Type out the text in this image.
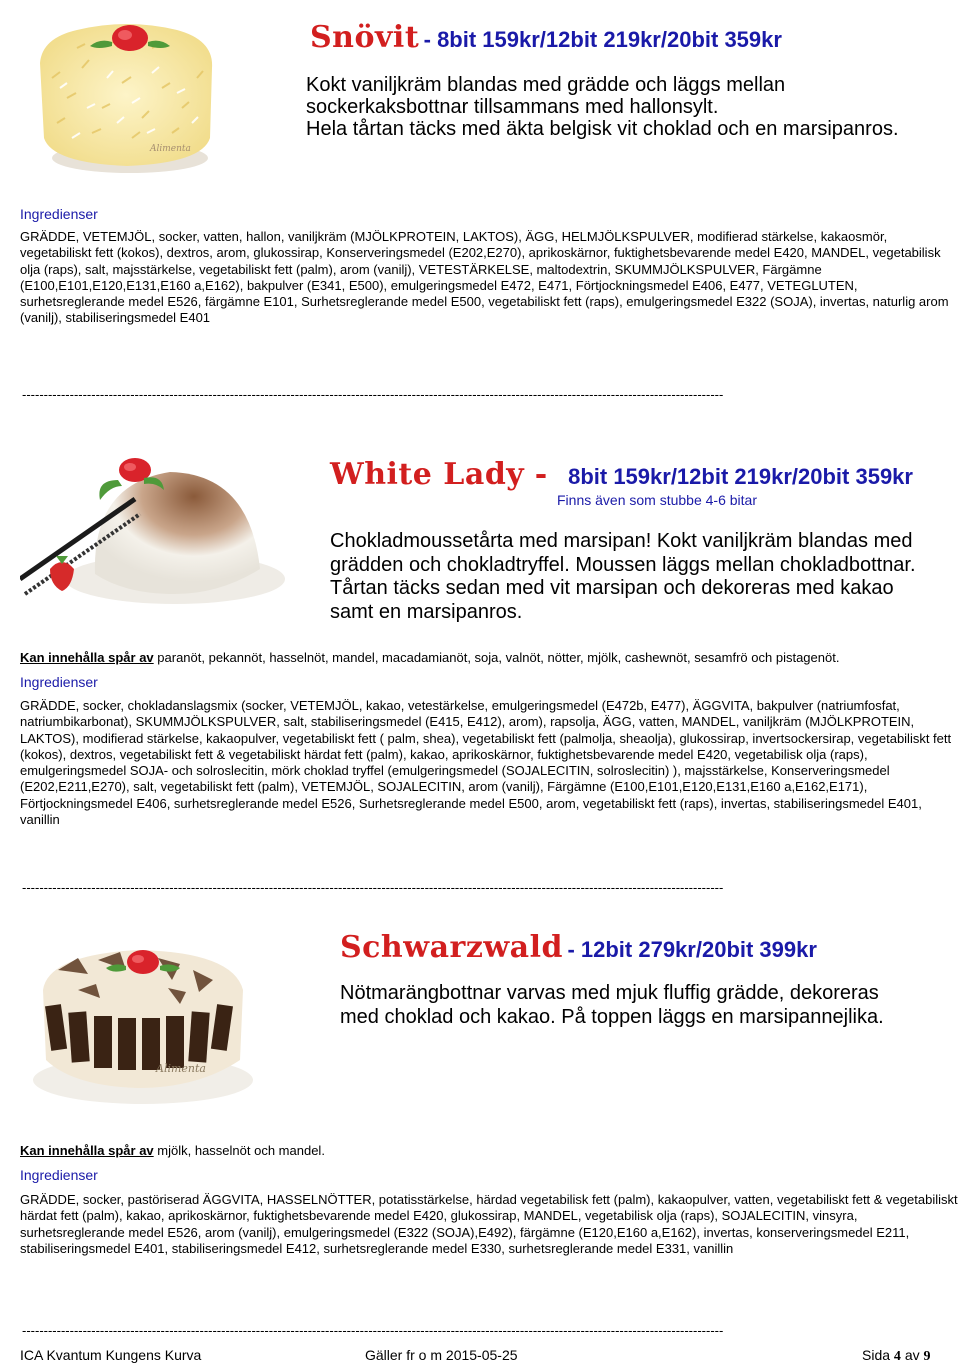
Alimenta
Snövit - 8bit 159kr/12bit 219kr/20bit 359kr
Kokt vaniljkräm blandas med grädde och läggs mellan
sockerkaksbottnar tillsammans med hallonsylt.
Hela tårtan täcks med äkta belgisk vit choklad och en marsipanros.
Ingredienser
GRÄDDE, VETEMJÖL, socker, vatten, hallon, vaniljkräm (MJÖLKPROTEIN, LAKTOS), ÄGG, HELMJÖLKSPULVER, modifierad stärkelse, kakaosmör, vegetabiliskt fett (kokos), dextros, arom, glukossirap, Konserveringsmedel (E202,E270), aprikoskärnor, fuktighetsbevarende medel E420, MANDEL, vegetabilisk olja (raps), salt, majsstärkelse, vegetabiliskt fett (palm), arom (vanilj), VETESTÄRKELSE, maltodextrin, SKUMMJÖLKSPULVER, Färgämne (E100,E101,E120,E131,E160 a,E162), bakpulver (E341, E500), emulgeringsmedel E472, E471, Förtjockningsmedel E406, E477, VETEGLUTEN, surhetsreglerande medel E526, färgämne E101, Surhetsreglerande medel E500, vegetabiliskt fett (raps), emulgeringsmedel E322 (SOJA), invertas, naturlig arom (vanilj), stabiliseringsmedel E401
------------------------------------------------------------------------------------------------------------------------------------------------------------------
White Lady - 8bit 159kr/12bit 219kr/20bit 359kr
Finns även som stubbe 4-6 bitar
Chokladmoussetårta med marsipan! Kokt vaniljkräm blandas med
grädden och chokladtryffel. Moussen läggs mellan chokladbottnar.
Tårtan täcks sedan med vit marsipan och dekoreras med kakao
samt en marsipanros.
Kan innehålla spår av paranöt, pekannöt, hasselnöt, mandel, macadamianöt, soja, valnöt, nötter, mjölk, cashewnöt, sesamfrö och pistagenöt.
Ingredienser
GRÄDDE, socker, chokladanslagsmix (socker, VETEMJÖL, kakao, vetestärkelse, emulgeringsmedel (E472b, E477), ÄGGVITA, bakpulver (natriumfosfat, natriumbikarbonat), SKUMMJÖLKSPULVER, salt, stabiliseringsmedel (E415, E412), arom), rapsolja, ÄGG, vatten, MANDEL, vaniljkräm (MJÖLKPROTEIN, LAKTOS), modifierad stärkelse, kakaopulver, vegetabiliskt fett ( palm, shea), vegetabiliskt fett (palmolja, sheaolja), glukossirap, invertsockersirap, vegetabiliskt fett (kokos), dextros, vegetabiliskt fett & vegetabiliskt härdat fett (palm), kakao, aprikoskärnor, fuktighetsbevarende medel E420, vegetabilisk olja (raps), emulgeringsmedel SOJA- och solroslecitin, mörk choklad tryffel (emulgeringsmedel (SOJALECITIN, solroslecitin) ), majsstärkelse, Konserveringsmedel (E202,E211,E270), salt, vegetabiliskt fett (palm), VETEMJÖL, SOJALECITIN, arom (vanilj), Färgämne (E100,E101,E120,E131,E160 a,E162,E171), Förtjockningsmedel E406, surhetsreglerande medel E526, Surhetsreglerande medel E500, arom, vegetabiliskt fett (raps), invertas, stabiliseringsmedel E401, vanillin
------------------------------------------------------------------------------------------------------------------------------------------------------------------
Alimenta
Schwarzwald - 12bit 279kr/20bit 399kr
Nötmarängbottnar varvas med mjuk fluffig grädde, dekoreras
med choklad och kakao. På toppen läggs en marsipannejlika.
Kan innehålla spår av mjölk, hasselnöt och mandel.
Ingredienser
GRÄDDE, socker, pastöriserad ÄGGVITA, HASSELNÖTTER, potatisstärkelse, härdad vegetabilisk fett (palm), kakaopulver, vatten, vegetabiliskt fett & vegetabiliskt härdat fett (palm), kakao, aprikoskärnor, fuktighetsbevarende medel E420, glukossirap, MANDEL, vegetabilisk olja (raps), SOJALECITIN, vinsyra, surhetsreglerande medel E526, arom (vanilj), emulgeringsmedel (E322 (SOJA),E492), färgämne (E120,E160 a,E162), invertas, konserveringsmedel E211, stabiliseringsmedel E401, stabiliseringsmedel E412, surhetsreglerande medel E330, surhetsreglerande medel E331, vanillin
------------------------------------------------------------------------------------------------------------------------------------------------------------------
ICA Kvantum Kungens Kurva	Gäller fr o m 2015-05-25	Sida 4 av 9
